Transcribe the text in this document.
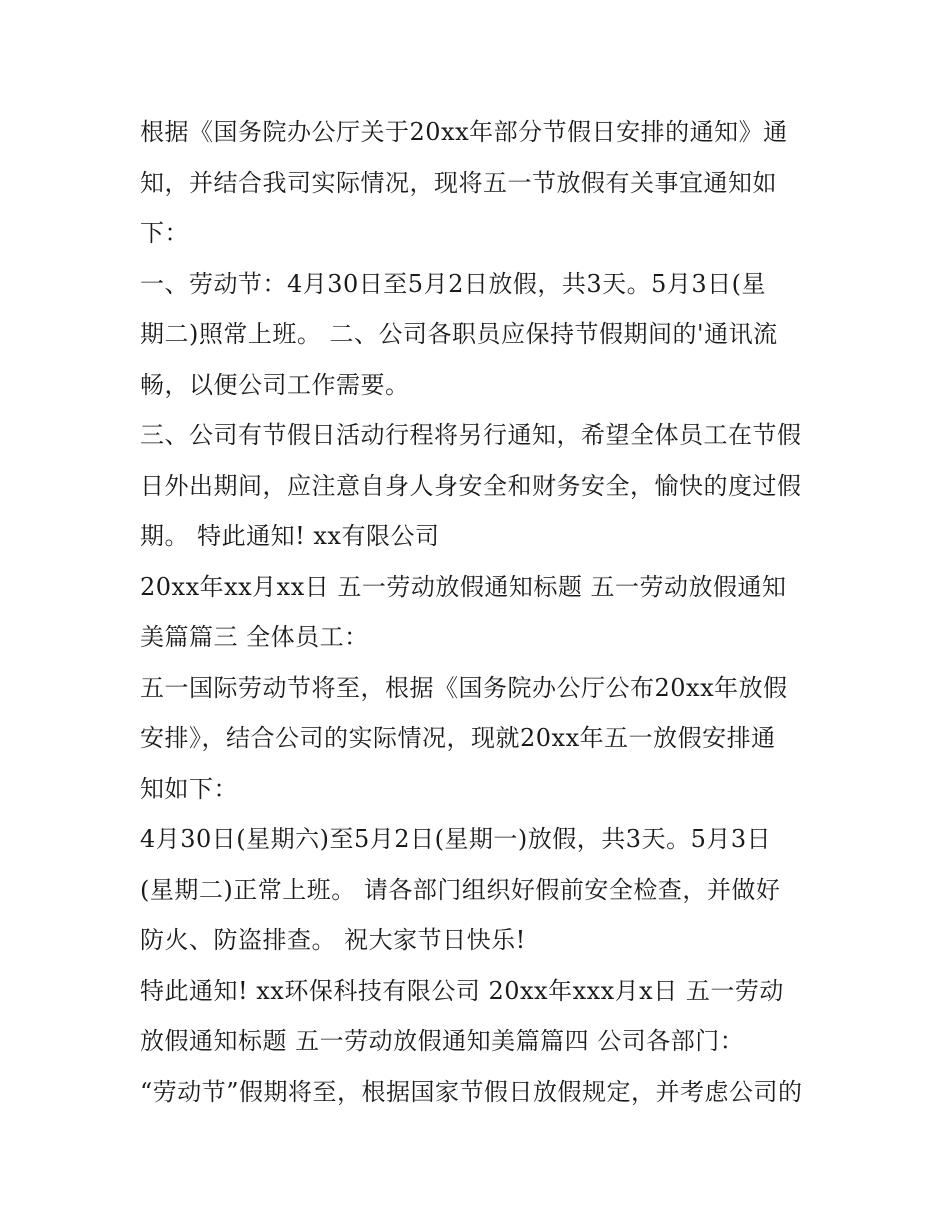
根据《国务院办公厅关于20xx年部分节假日安排的通知》通
知，并结合我司实际情况，现将五一节放假有关事宜通知如
下：
一、劳动节：4月30日至5月2日放假，共3天。5月3日(星
期二)照常上班。 二、公司各职员应保持节假期间的'通讯流
畅，以便公司工作需要。
三、公司有节假日活动行程将另行通知，希望全体员工在节假
日外出期间，应注意自身人身安全和财务安全，愉快的度过假
期。 特此通知! xx有限公司
20xx年xx月xx日 五一劳动放假通知标题 五一劳动放假通知
美篇篇三 全体员工：
五一国际劳动节将至，根据《国务院办公厅公布20xx年放假
安排》，结合公司的实际情况，现就20xx年五一放假安排通
知如下：
4月30日(星期六)至5月2日(星期一)放假，共3天。5月3日
(星期二)正常上班。 请各部门组织好假前安全检查，并做好
防火、防盗排查。 祝大家节日快乐!
特此通知! xx环保科技有限公司 20xx年xxx月x日 五一劳动
放假通知标题 五一劳动放假通知美篇篇四 公司各部门：
“劳动节”假期将至，根据国家节假日放假规定，并考虑公司的
